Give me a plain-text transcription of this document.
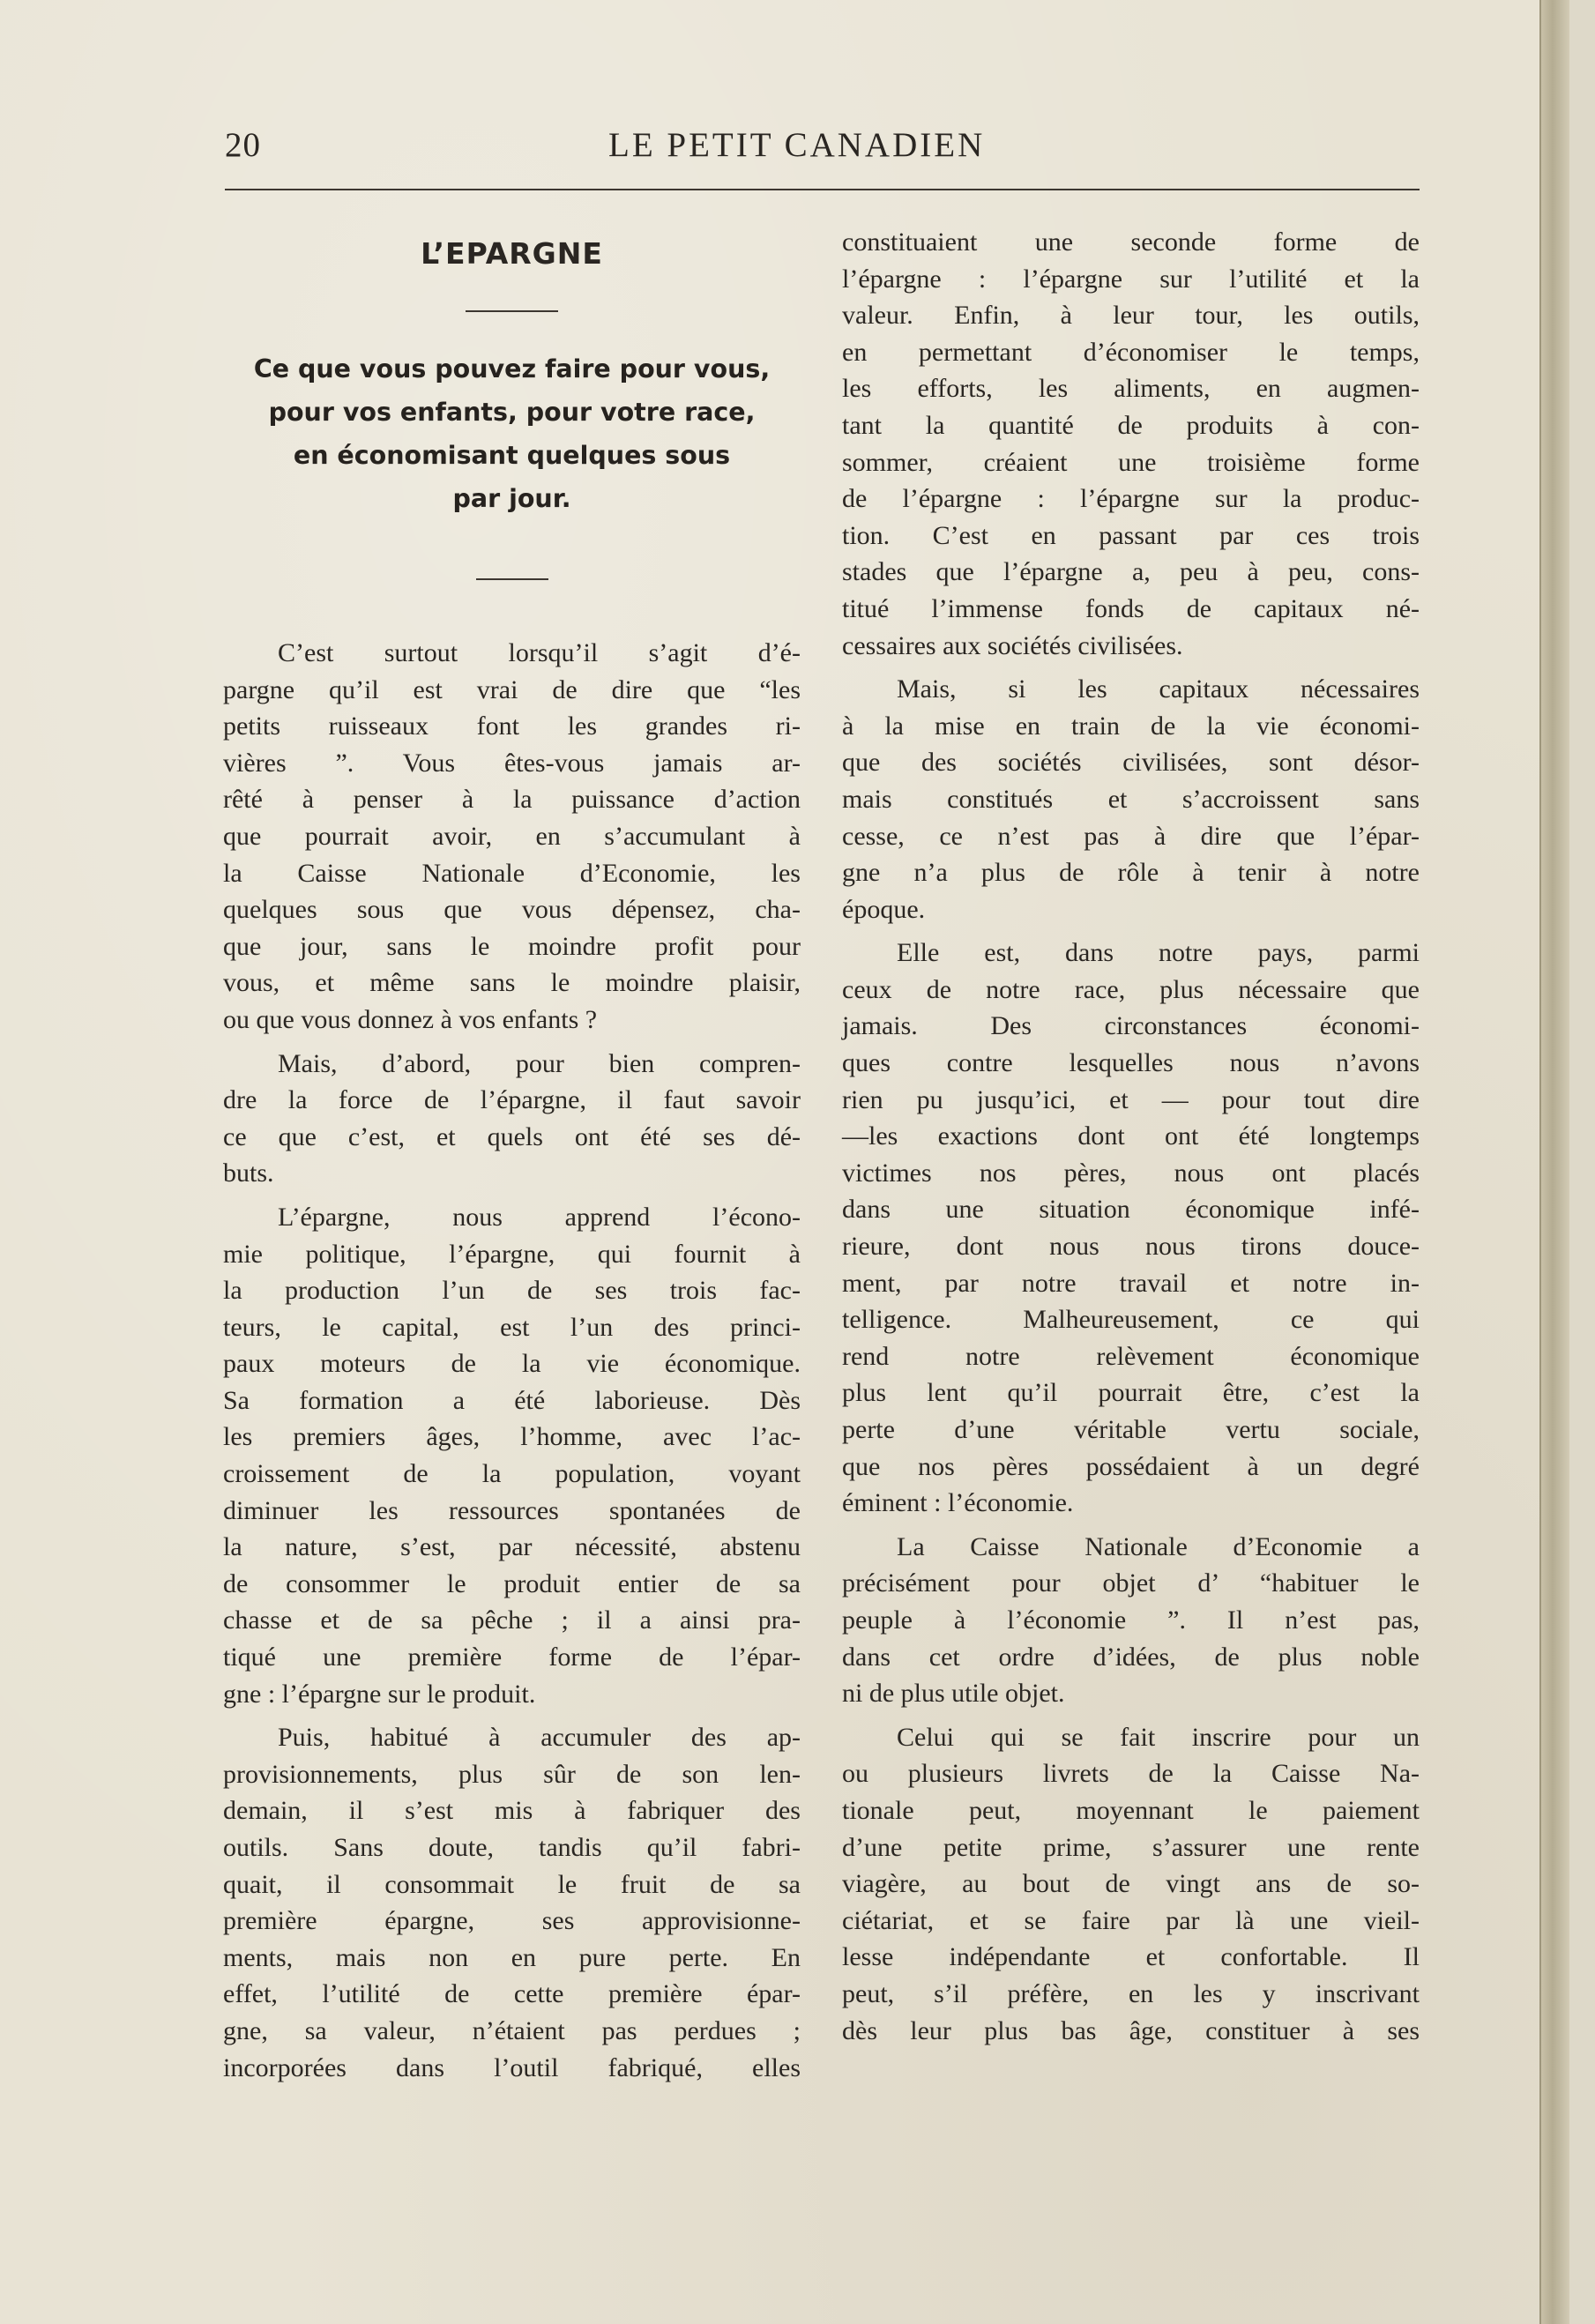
20	LE PETIT CANADIEN
L’EPARGNE
Ce que vous pouvez faire pour vous,
pour vos enfants, pour votre race,
en économisant quelques sous
par jour.
C’est surtout lorsqu’il s’agit d’é-
pargne qu’il est vrai de dire que “les
petits ruisseaux font les grandes ri-
vières ”. Vous êtes-vous jamais ar-
rêté à penser à la puissance d’action
que pourrait avoir, en s’accumulant à
la Caisse Nationale d’Economie, les
quelques sous que vous dépensez, cha-
que jour, sans le moindre profit pour
vous, et même sans le moindre plaisir,
ou que vous donnez à vos enfants ?
Mais, d’abord, pour bien compren-
dre la force de l’épargne, il faut savoir
ce que c’est, et quels ont été ses dé-
buts.
L’épargne, nous apprend l’écono-
mie politique, l’épargne, qui fournit à
la production l’un de ses trois fac-
teurs, le capital, est l’un des princi-
paux moteurs de la vie économique.
Sa formation a été laborieuse. Dès
les premiers âges, l’homme, avec l’ac-
croissement de la population, voyant
diminuer les ressources spontanées de
la nature, s’est, par nécessité, abstenu
de consommer le produit entier de sa
chasse et de sa pêche ; il a ainsi pra-
tiqué une première forme de l’épar-
gne : l’épargne sur le produit.
Puis, habitué à accumuler des ap-
provisionnements, plus sûr de son len-
demain, il s’est mis à fabriquer des
outils. Sans doute, tandis qu’il fabri-
quait, il consommait le fruit de sa
première épargne, ses approvisionne-
ments, mais non en pure perte. En
effet, l’utilité de cette première épar-
gne, sa valeur, n’étaient pas perdues ;
incorporées dans l’outil fabriqué, elles
constituaient une seconde forme de
l’épargne : l’épargne sur l’utilité et la
valeur. Enfin, à leur tour, les outils,
en permettant d’économiser le temps,
les efforts, les aliments, en augmen-
tant la quantité de produits à con-
sommer, créaient une troisième forme
de l’épargne : l’épargne sur la produc-
tion. C’est en passant par ces trois
stades que l’épargne a, peu à peu, cons-
titué l’immense fonds de capitaux né-
cessaires aux sociétés civilisées.
Mais, si les capitaux nécessaires
à la mise en train de la vie économi-
que des sociétés civilisées, sont désor-
mais constitués et s’accroissent sans
cesse, ce n’est pas à dire que l’épar-
gne n’a plus de rôle à tenir à notre
époque.
Elle est, dans notre pays, parmi
ceux de notre race, plus nécessaire que
jamais. Des circonstances économi-
ques contre lesquelles nous n’avons
rien pu jusqu’ici, et — pour tout dire
—les exactions dont ont été longtemps
victimes nos pères, nous ont placés
dans une situation économique infé-
rieure, dont nous nous tirons douce-
ment, par notre travail et notre in-
telligence. Malheureusement, ce qui
rend notre relèvement économique
plus lent qu’il pourrait être, c’est la
perte d’une véritable vertu sociale,
que nos pères possédaient à un degré
éminent : l’économie.
La Caisse Nationale d’Economie a
précisément pour objet d’ “habituer le
peuple à l’économie ”. Il n’est pas,
dans cet ordre d’idées, de plus noble
ni de plus utile objet.
Celui qui se fait inscrire pour un
ou plusieurs livrets de la Caisse Na-
tionale peut, moyennant le paiement
d’une petite prime, s’assurer une rente
viagère, au bout de vingt ans de so-
ciétariat, et se faire par là une vieil-
lesse indépendante et confortable. Il
peut, s’il préfère, en les y inscrivant
dès leur plus bas âge, constituer à ses
